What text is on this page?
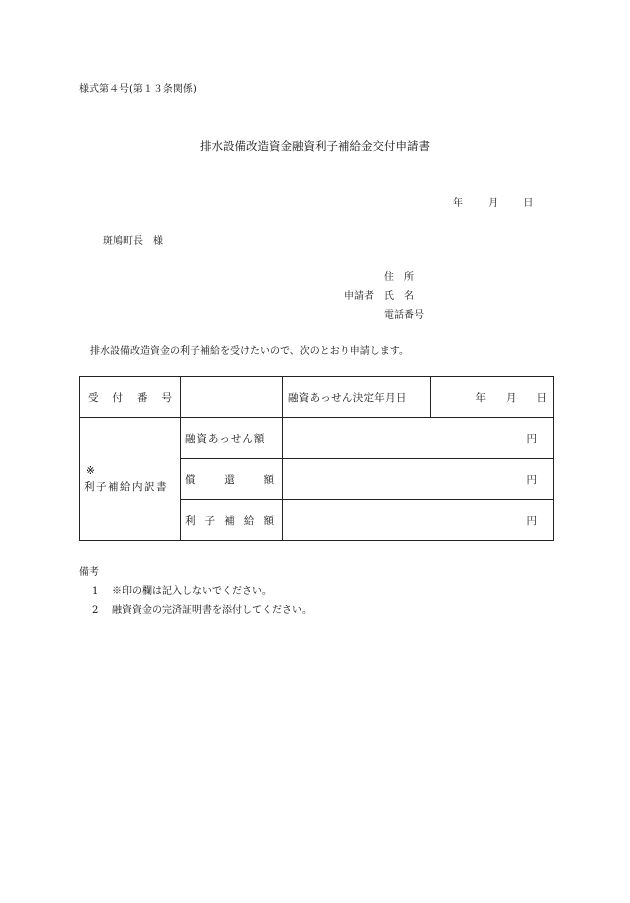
様式第４号(第１３条関係)
排水設備改造資金融資利子補給金交付申請書
年	月	日
斑鳩町長　様
住　所
申請者 氏　名
電話番号
排水設備改造資金の利子補給を受けたいので、次のとおり申請します。
受付番号		融資あっせん決定年月日	年 月 日

※
利子補給内訳書	融資あっせん額	円	

	償還額	円	

	利子補給額	円	
備考
1 ※印の欄は記入しないでください。
2 融資資金の完済証明書を添付してください。
